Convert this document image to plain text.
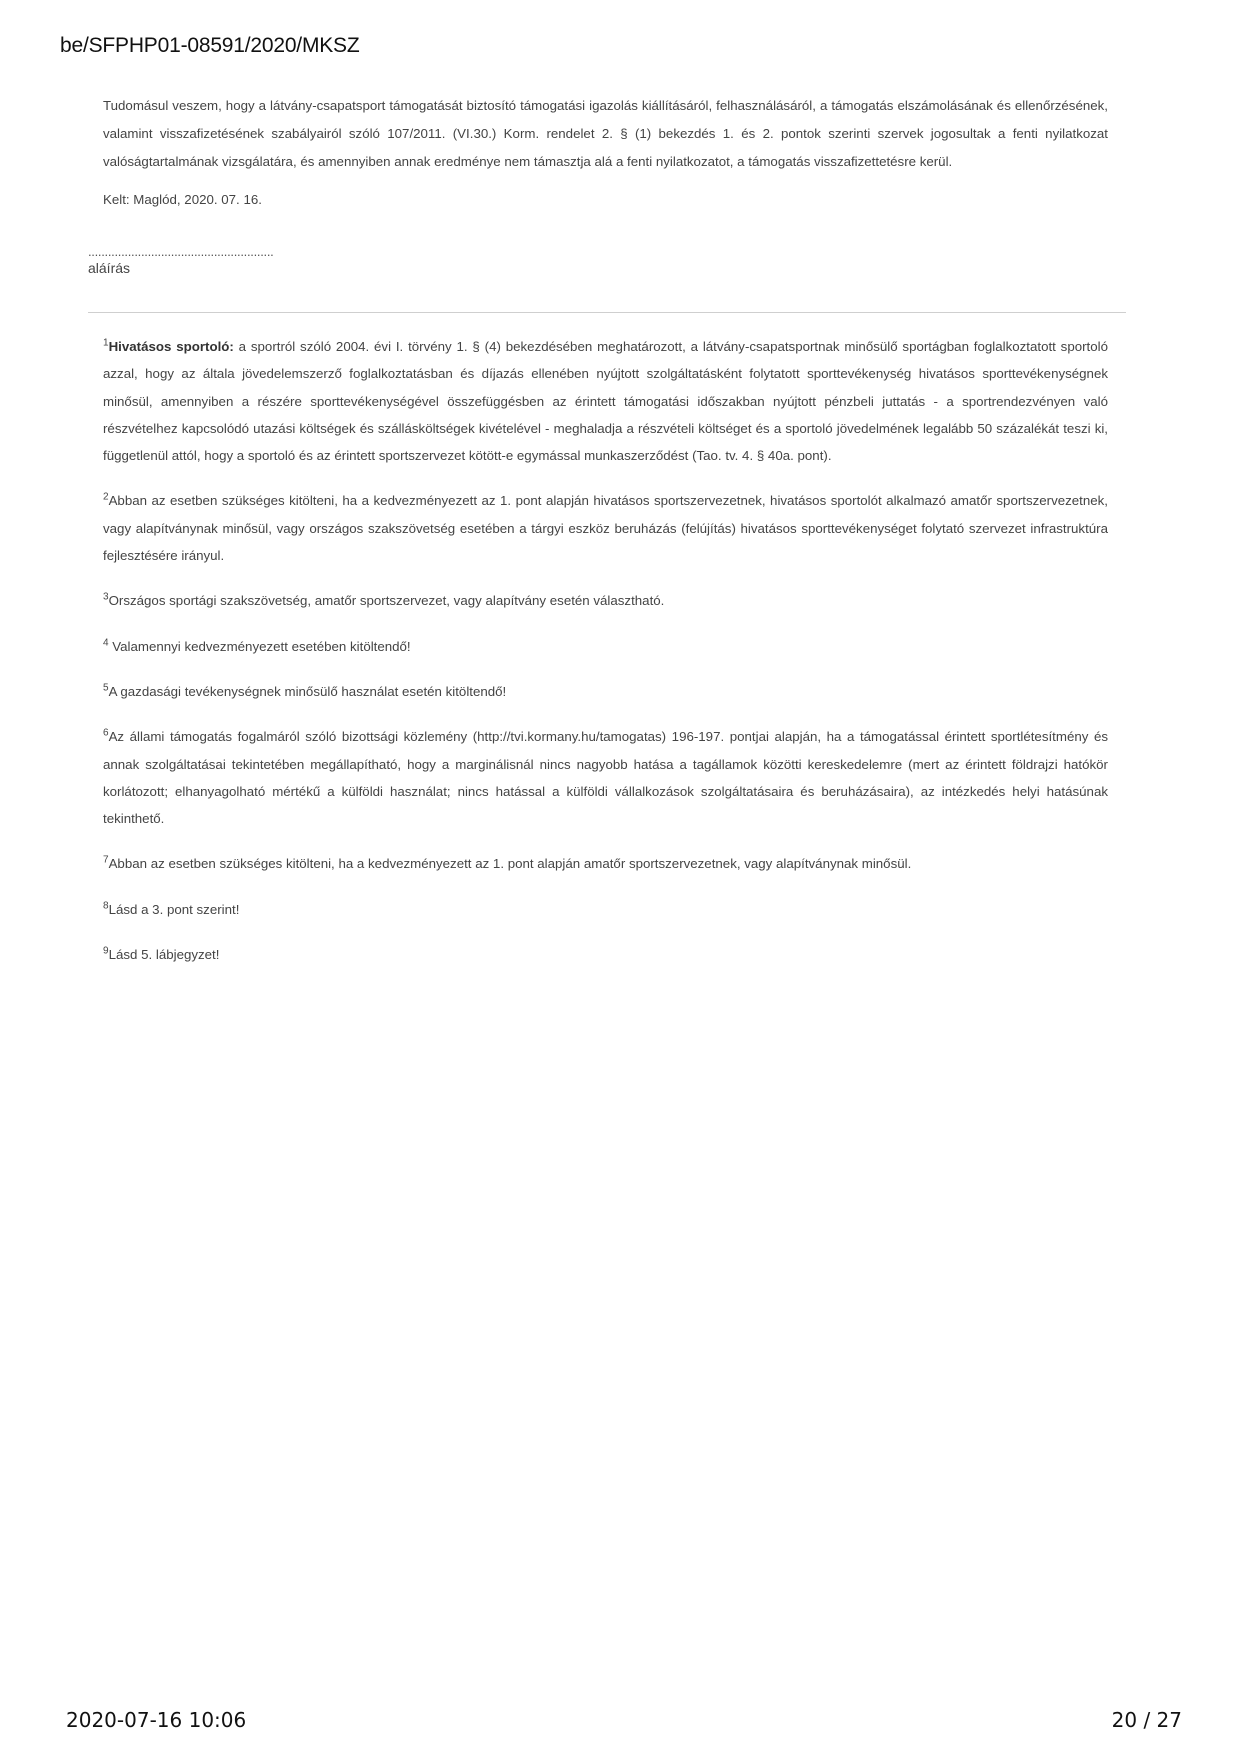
be/SFPHP01-08591/2020/MKSZ

Tudomásul veszem, hogy a látvány-csapatsport támogatását biztosító támogatási igazolás kiállításáról, felhasználásáról, a támogatás elszámolásának és ellenőrzésének, valamint visszafizetésének szabályairól szóló 107/2011. (VI.30.) Korm. rendelet 2. § (1) bekezdés 1. és 2. pontok szerinti szervek jogosultak a fenti nyilatkozat valóságtartalmának vizsgálatára, és amennyiben annak eredménye nem támasztja alá a fenti nyilatkozatot, a támogatás visszafizettetésre kerül.

Kelt: Maglód, 2020. 07. 16.

........................................................
aláírás

$^1$Hivatásos sportoló: a sportról szóló 2004. évi I. törvény 1. § (4) bekezdésében meghatározott, a látvány-csapatsportnak minősülő sportágban foglalkoztatott sportoló azzal, hogy az általa jövedelemszerző foglalkoztatásban és díjazás ellenében nyújtott szolgáltatásként folytatott sporttevékenység hivatásos sporttevékenységnek minősül, amennyiben a részére sporttevékenységével összefüggésben az érintett támogatási időszakban nyújtott pénzbeli juttatás - a sportrendezvényen való részvételhez kapcsolódó utazási költségek és szállásköltségek kivételével - meghaladja a részvételi költséget és a sportoló jövedelmének legalább 50 százalékát teszi ki, függetlenül attól, hogy a sportoló és az érintett sportszervezet kötött-e egymással munkaszerződést (Tao. tv. 4. § 40a. pont).

$^2$Abban az esetben szükséges kitölteni, ha a kedvezményezett az 1. pont alapján hivatásos sportszervezetnek, hivatásos sportolót alkalmazó amatőr sportszervezetnek, vagy alapítványnak minősül, vagy országos szakszövetség esetében a tárgyi eszköz beruházás (felújítás) hivatásos sporttevékenységet folytató szervezet infrastruktúra fejlesztésére irányul.

$^3$Országos sportági szakszövetség, amatőr sportszervezet, vagy alapítvány esetén választható.

$^4$ Valamennyi kedvezményezett esetében kitöltendő!

$^5$A gazdasági tevékenységnek minősülő használat esetén kitöltendő!

$^6$Az állami támogatás fogalmáról szóló bizottsági közlemény (http://tvi.kormany.hu/tamogatas) 196-197. pontjai alapján, ha a támogatással érintett sportlétesítmény és annak szolgáltatásai tekintetében megállapítható, hogy a marginálisnál nincs nagyobb hatása a tagállamok közötti kereskedelemre (mert az érintett földrajzi hatókör korlátozott; elhanyagolható mértékű a külföldi használat; nincs hatással a külföldi vállalkozások szolgáltatásaira és beruházásaira), az intézkedés helyi hatásúnak tekinthető.

$^7$Abban az esetben szükséges kitölteni, ha a kedvezményezett az 1. pont alapján amatőr sportszervezetnek, vagy alapítványnak minősül.

$^8$Lásd a 3. pont szerint!

$^9$Lásd 5. lábjegyzet!

2020-07-16 10:06	20 / 27
